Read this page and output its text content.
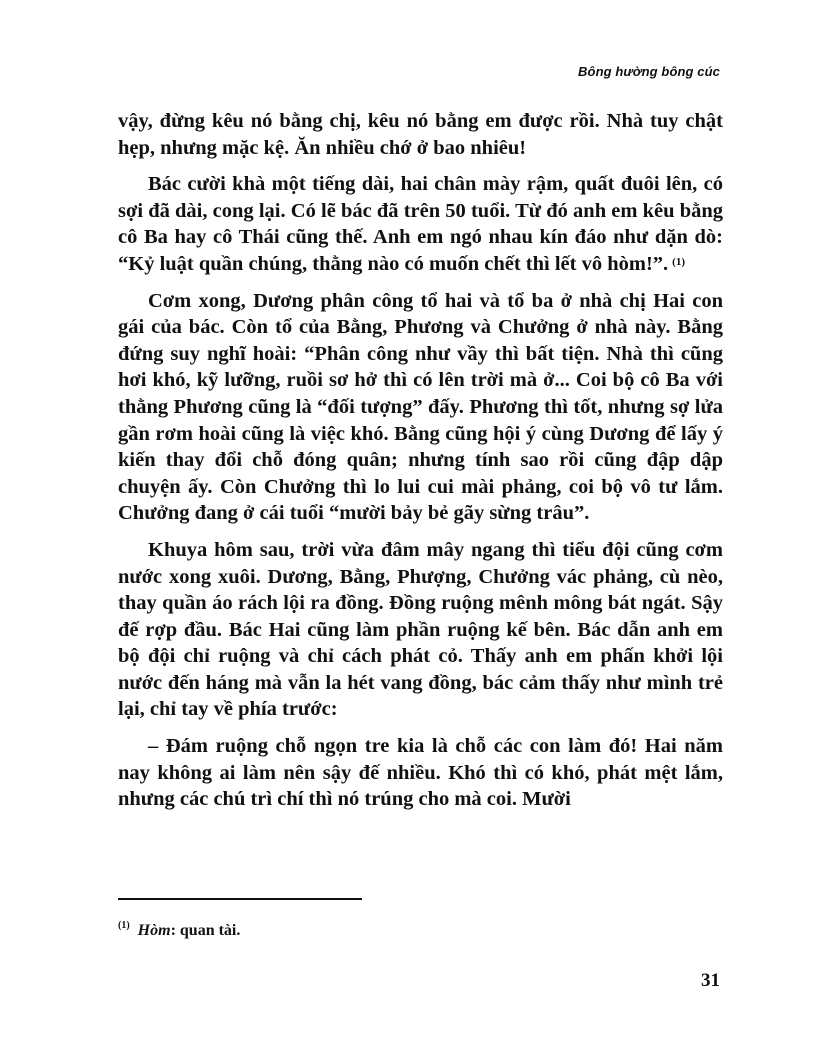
Bông hường bông cúc

vậy, đừng kêu nó bằng chị, kêu nó bằng em được rồi. Nhà tuy chật hẹp, nhưng mặc kệ. Ăn nhiều chớ ở bao nhiêu!

Bác cười khà một tiếng dài, hai chân mày rậm, quất đuôi lên, có sợi đã dài, cong lại. Có lẽ bác đã trên 50 tuổi. Từ đó anh em kêu bằng cô Ba hay cô Thái cũng thế. Anh em ngó nhau kín đáo như dặn dò: “Kỷ luật quần chúng, thằng nào có muốn chết thì lết vô hòm!”. $^{(1)}$

Cơm xong, Dương phân công tổ hai và tổ ba ở nhà chị Hai con gái của bác. Còn tổ của Bằng, Phương và Chưởng ở nhà này. Bằng đứng suy nghĩ hoài: “Phân công như vầy thì bất tiện. Nhà thì cũng hơi khó, kỹ lưỡng, ruồi sơ hở thì có lên trời mà ở... Coi bộ cô Ba với thằng Phương cũng là “đối tượng” đấy. Phương thì tốt, nhưng sợ lửa gần rơm hoài cũng là việc khó. Bằng cũng hội ý cùng Dương để lấy ý kiến thay đổi chỗ đóng quân; nhưng tính sao rồi cũng đập dập chuyện ấy. Còn Chưởng thì lo lui cui mài phảng, coi bộ vô tư lắm. Chưởng đang ở cái tuổi “mười bảy bẻ gãy sừng trâu”.

Khuya hôm sau, trời vừa đâm mây ngang thì tiểu đội cũng cơm nước xong xuôi. Dương, Bằng, Phượng, Chưởng vác phảng, cù nèo, thay quần áo rách lội ra đồng. Đồng ruộng mênh mông bát ngát. Sậy đế rợp đầu. Bác Hai cũng làm phần ruộng kế bên. Bác dẫn anh em bộ đội chỉ ruộng và chỉ cách phát cỏ. Thấy anh em phấn khởi lội nước đến háng mà vẫn la hét vang đồng, bác cảm thấy như mình trẻ lại, chỉ tay về phía trước:

– Đám ruộng chỗ ngọn tre kia là chỗ các con làm đó! Hai năm nay không ai làm nên sậy đế nhiều. Khó thì có khó, phát mệt lắm, nhưng các chú trì chí thì nó trúng cho mà coi. Mười

$^{(1)}$ Hòm: quan tài.
31
